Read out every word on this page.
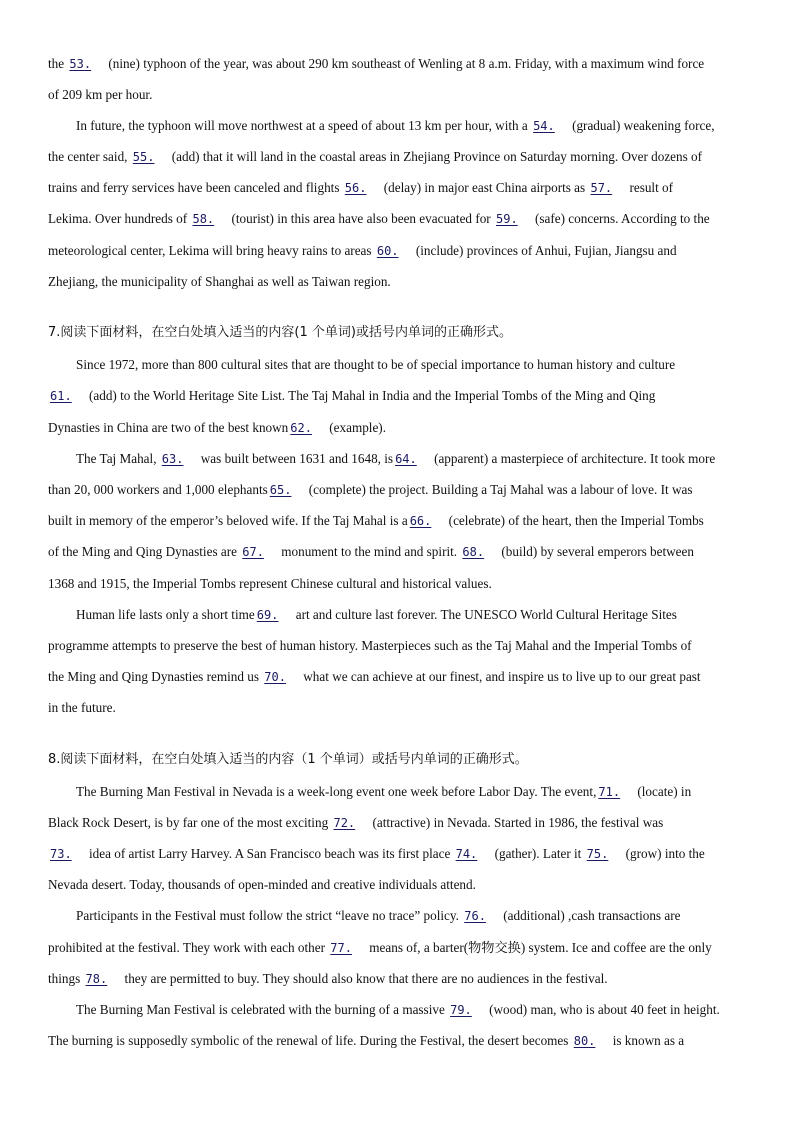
the 53. (nine) typhoon of the year, was about 290 km southeast of Wenling at 8 a.m. Friday, with a maximum wind force
of 209 km per hour.
In future, the typhoon will move northwest at a speed of about 13 km per hour, with a 54. (gradual) weakening force,
the center said, 55. (add) that it will land in the coastal areas in Zhejiang Province on Saturday morning. Over dozens of
trains and ferry services have been canceled and flights 56. (delay) in major east China airports as 57. result of
Lekima. Over hundreds of 58. (tourist) in this area have also been evacuated for 59. (safe) concerns. According to the
meteorological center, Lekima will bring heavy rains to areas 60. (include) provinces of Anhui, Fujian, Jiangsu and
Zhejiang, the municipality of Shanghai as well as Taiwan region.
7.阅读下面材料，在空白处填入适当的内容(1 个单词)或括号内单词的正确形式。
Since 1972, more than 800 cultural sites that are thought to be of special importance to human history and culture
61. (add) to the World Heritage Site List. The Taj Mahal in India and the Imperial Tombs of the Ming and Qing
Dynasties in China are two of the best known 62. (example).
The Taj Mahal, 63. was built between 1631 and 1648, is 64. (apparent) a masterpiece of architecture. It took more
than 20, 000 workers and 1,000 elephants 65. (complete) the project. Building a Taj Mahal was a labour of love. It was
built in memory of the emperor’s beloved wife. If the Taj Mahal is a 66. (celebrate) of the heart, then the Imperial Tombs
of the Ming and Qing Dynasties are 67. monument to the mind and spirit. 68. (build) by several emperors between
1368 and 1915, the Imperial Tombs represent Chinese cultural and historical values.
Human life lasts only a short time 69. art and culture last forever. The UNESCO World Cultural Heritage Sites
programme attempts to preserve the best of human history. Masterpieces such as the Taj Mahal and the Imperial Tombs of
the Ming and Qing Dynasties remind us 70. what we can achieve at our finest, and inspire us to live up to our great past
in the future.
8.阅读下面材料，在空白处填入适当的内容（1 个单词）或括号内单词的正确形式。
The Burning Man Festival in Nevada is a week-long event one week before Labor Day. The event, 71. (locate) in
Black Rock Desert, is by far one of the most exciting 72. (attractive) in Nevada. Started in 1986, the festival was
73. idea of artist Larry Harvey. A San Francisco beach was its first place 74. (gather). Later it 75. (grow) into the
Nevada desert. Today, thousands of open-minded and creative individuals attend.
Participants in the Festival must follow the strict “leave no trace” policy. 76. (additional) ,cash transactions are
prohibited at the festival. They work with each other 77. means of, a barter(物物交换) system. Ice and coffee are the only
things 78. they are permitted to buy. They should also know that there are no audiences in the festival.
The Burning Man Festival is celebrated with the burning of a massive 79. (wood) man, who is about 40 feet in height.
The burning is supposedly symbolic of the renewal of life. During the Festival, the desert becomes 80. is known as a
